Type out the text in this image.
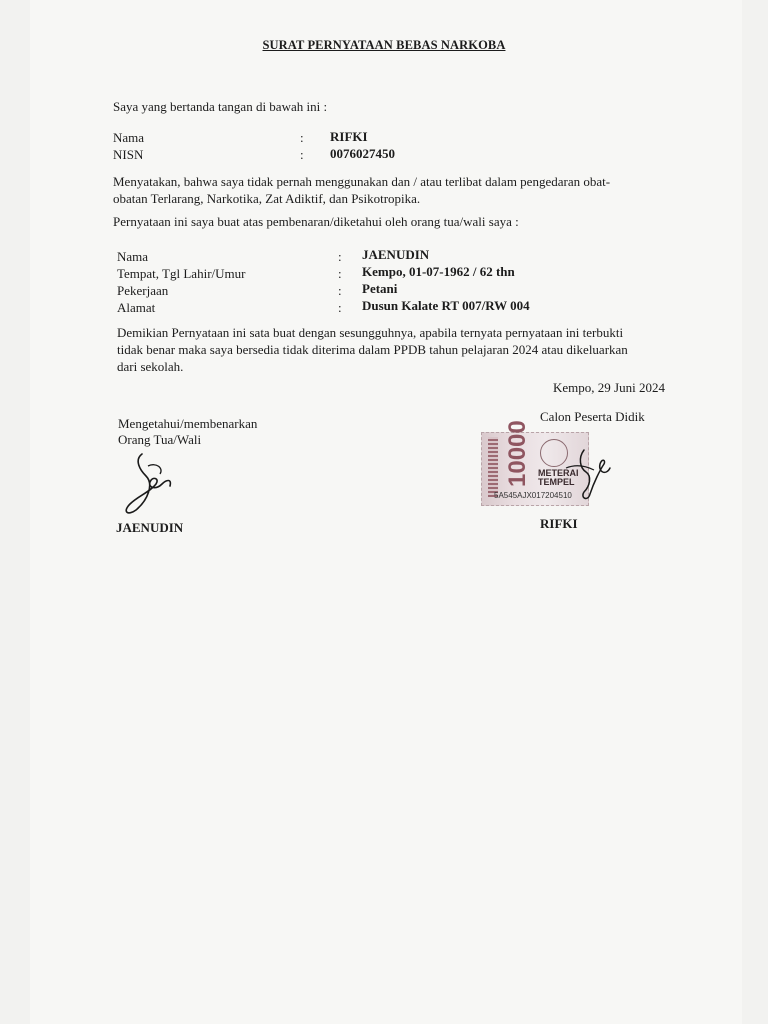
SURAT PERNYATAAN BEBAS NARKOBA
Saya yang bertanda tangan di bawah ini :
Nama	: RIFKI
NISN	: 0076027450
Menyatakan, bahwa saya tidak pernah menggunakan dan / atau terlibat dalam pengedaran obat-
obatan Terlarang, Narkotika, Zat Adiktif, dan Psikotropika.
Pernyataan ini saya buat atas pembenaran/diketahui oleh orang tua/wali saya :
Nama	: JAENUDIN
Tempat, Tgl Lahir/Umur	: Kempo, 01-07-1962 / 62 thn
Pekerjaan	: Petani
Alamat	: Dusun Kalate RT 007/RW 004
Demikian Pernyataan ini sata buat dengan sesungguhnya, apabila ternyata pernyataan ini terbukti
tidak benar maka saya bersedia tidak diterima dalam PPDB tahun pelajaran 2024 atau dikeluarkan
dari sekolah.
Kempo, 29 Juni 2024
Calon Peserta Didik
Mengetahui/membenarkan
Orang Tua/Wali
JAENUDIN
10000 METERAI
TEMPEL
5A545AJX017204510
RIFKI
